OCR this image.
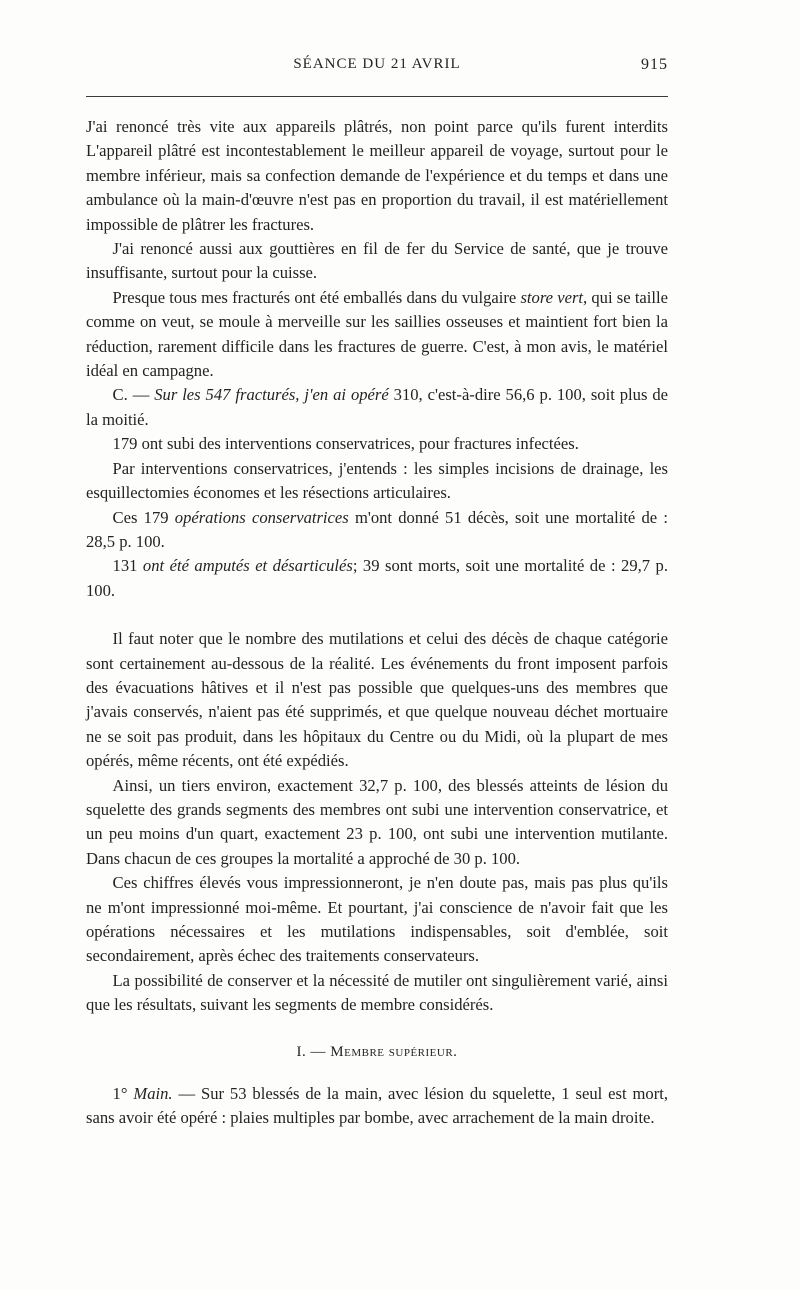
SÉANCE DU 21 AVRIL	915

J'ai renoncé très vite aux appareils plâtrés, non point parce qu'ils furent interdits L'appareil plâtré est incontestablement le meilleur appareil de voyage, surtout pour le membre inférieur, mais sa confection demande de l'expérience et du temps et dans une ambulance où la main-d'œuvre n'est pas en proportion du travail, il est matériellement impossible de plâtrer les fractures.

J'ai renoncé aussi aux gouttières en fil de fer du Service de santé, que je trouve insuffisante, surtout pour la cuisse.

Presque tous mes fracturés ont été emballés dans du vulgaire store vert, qui se taille comme on veut, se moule à merveille sur les saillies osseuses et maintient fort bien la réduction, rarement difficile dans les fractures de guerre. C'est, à mon avis, le matériel idéal en campagne.

C. — Sur les 547 fracturés, j'en ai opéré 310, c'est-à-dire 56,6 p. 100, soit plus de la moitié.

179 ont subi des interventions conservatrices, pour fractures infectées.

Par interventions conservatrices, j'entends : les simples incisions de drainage, les esquillectomies économes et les résections articulaires.

Ces 179 opérations conservatrices m'ont donné 51 décès, soit une mortalité de : 28,5 p. 100.

131 ont été amputés et désarticulés; 39 sont morts, soit une mortalité de : 29,7 p. 100.

Il faut noter que le nombre des mutilations et celui des décès de chaque catégorie sont certainement au-dessous de la réalité. Les événements du front imposent parfois des évacuations hâtives et il n'est pas possible que quelques-uns des membres que j'avais conservés, n'aient pas été supprimés, et que quelque nouveau déchet mortuaire ne se soit pas produit, dans les hôpitaux du Centre ou du Midi, où la plupart de mes opérés, même récents, ont été expédiés.

Ainsi, un tiers environ, exactement 32,7 p. 100, des blessés atteints de lésion du squelette des grands segments des membres ont subi une intervention conservatrice, et un peu moins d'un quart, exactement 23 p. 100, ont subi une intervention mutilante. Dans chacun de ces groupes la mortalité a approché de 30 p. 100.

Ces chiffres élevés vous impressionneront, je n'en doute pas, mais pas plus qu'ils ne m'ont impressionné moi-même. Et pourtant, j'ai conscience de n'avoir fait que les opérations nécessaires et les mutilations indispensables, soit d'emblée, soit secondairement, après échec des traitements conservateurs.

La possibilité de conserver et la nécessité de mutiler ont singulièrement varié, ainsi que les résultats, suivant les segments de membre considérés.

I. — Membre supérieur.

1° Main. — Sur 53 blessés de la main, avec lésion du squelette, 1 seul est mort, sans avoir été opéré : plaies multiples par bombe, avec arrachement de la main droite.
